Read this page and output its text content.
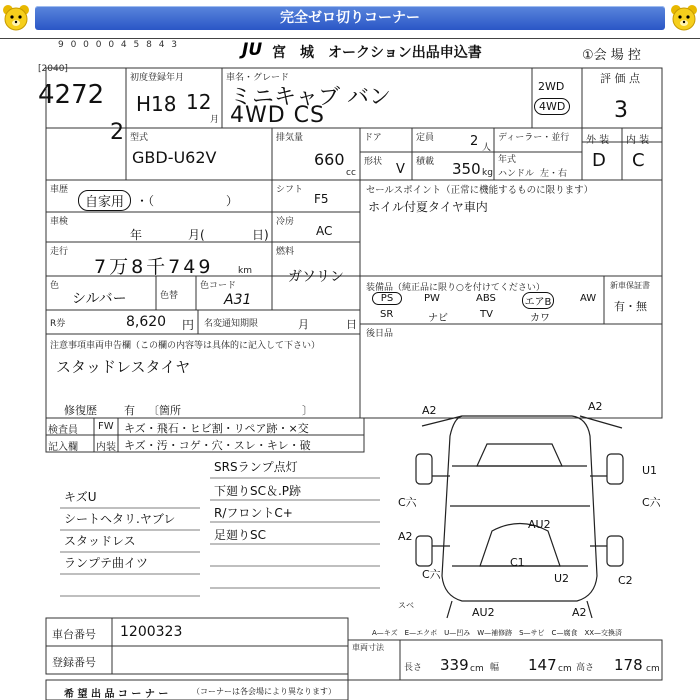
完全ゼロ切りコーナー
9 0 0 0 0 4 5 8 4 3	JU 宮　城　オークション出品申込書	①会 場 控
[2040]
4272
初度登録年月
H18 12
月
車名・グレード
ミニキャブ バン
4WD CS
2WD
4WD
評 価 点
3
2 型式
GBD-U62V
排気量
660
cc
ドア	定員	2 人
ディーラー・並行
年式
外 装 内 装
D C
形状 V 積載 350 kg ハンドル 左・右
車歴
自家用 ・（　　　　　　）
シフト
F5
車検
年	月(	日)
冷房
AC
走行
7万8千749	km
燃料
ガソリン
色
シルバー	色替
色コード
A31
R券	8,620 円 名変通知期限	月	日
注意事項車両申告欄（この欄の内容等は具体的に記入して下さい）
スタッドレスタイヤ
修復歴 有 〔箇所　　　　　　　　　　　〕
セールスポイント（正常に機能するものに限ります）
ホイル付夏タイヤ車内
装備品（純正品に限り○を付けてください）	新車保証書
有・無
PS	PW	ABS	エアB	AW
SR	ナビ	TV	カワ
後日品
検査員
記入欄
FW
内装
キズ・飛石・ヒビ割・リペア跡・×交
キズ・汚・コゲ・穴・スレ・キレ・破
キズU
シートヘタリ.ヤブレ
スタッドレス
ランプテ曲イツ
SRSランプ点灯
下廻りSC＆.P跡
R/フロントC+
足廻りSC
A2	A2
U1
C六	C六
A2
AU2
C1
U2
C六	C2
AU2	A2
スベ
A—キズ　E—エクボ　U—凹み　W—補修跡　S—サビ　C—腐食　XX—交換済
車台番号 1200323
登録番号
車両寸法
長さ 339 cm 幅 147 cm 高さ 178 cm
希 望 出 品 コ ー ナ ー	（コーナーは各会場により異なります）
